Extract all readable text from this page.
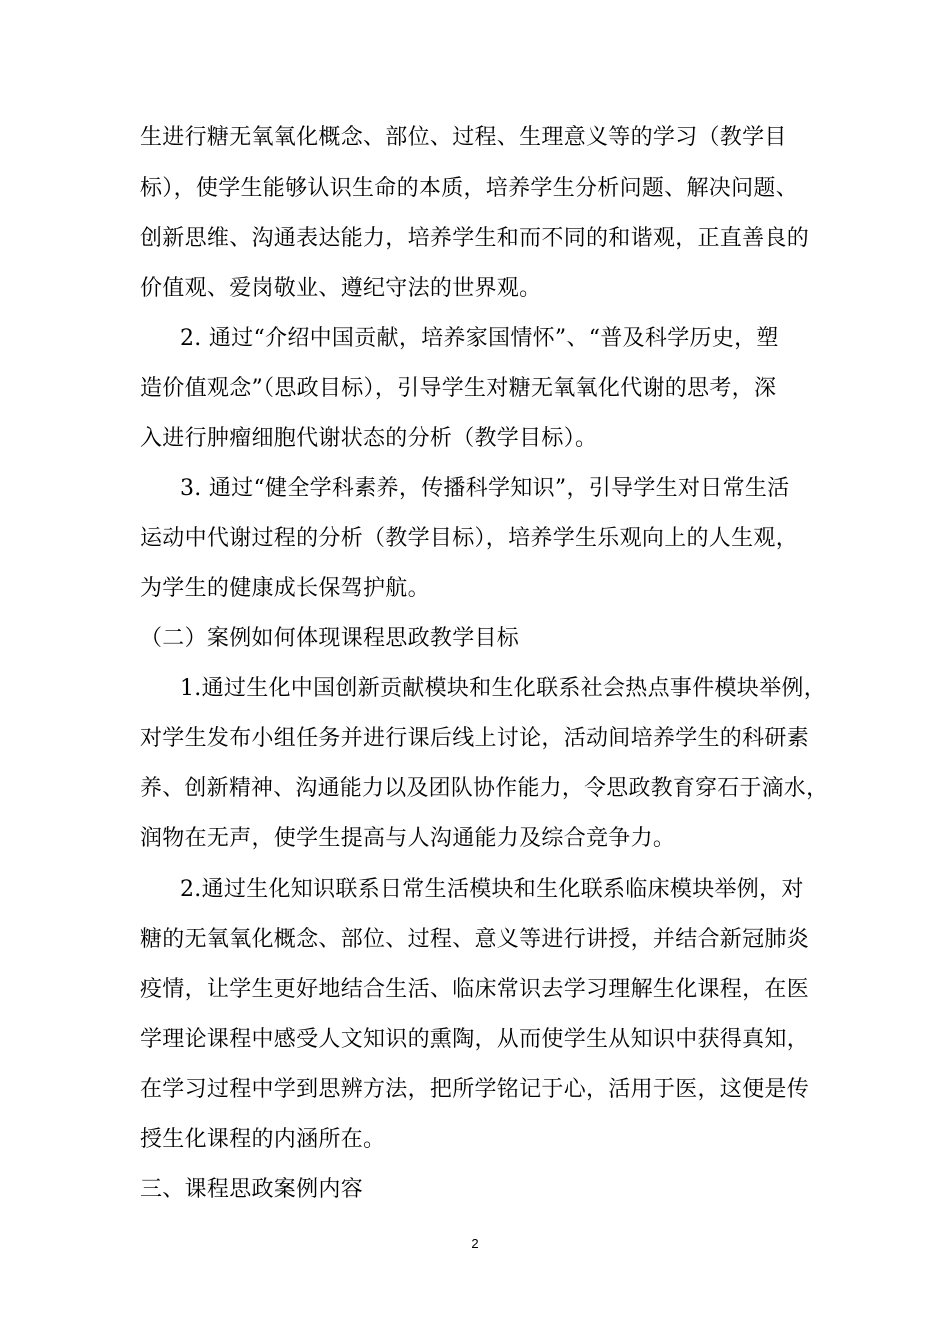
生进行糖无氧氧化概念、部位、过程、生理意义等的学习（教学目
标），使学生能够认识生命的本质，培养学生分析问题、解决问题、
创新思维、沟通表达能力，培养学生和而不同的和谐观，正直善良的
价值观、爱岗敬业、遵纪守法的世界观。
2. 通过“介绍中国贡献，培养家国情怀”、“普及科学历史，塑
造价值观念”（思政目标），引导学生对糖无氧氧化代谢的思考，深
入进行肿瘤细胞代谢状态的分析（教学目标）。
3. 通过“健全学科素养，传播科学知识”，引导学生对日常生活
运动中代谢过程的分析（教学目标），培养学生乐观向上的人生观，
为学生的健康成长保驾护航。
（二）案例如何体现课程思政教学目标
1.通过生化中国创新贡献模块和生化联系社会热点事件模块举例，
对学生发布小组任务并进行课后线上讨论，活动间培养学生的科研素
养、创新精神、沟通能力以及团队协作能力，令思政教育穿石于滴水，
润物在无声，使学生提高与人沟通能力及综合竞争力。
2.通过生化知识联系日常生活模块和生化联系临床模块举例，对
糖的无氧氧化概念、部位、过程、意义等进行讲授，并结合新冠肺炎
疫情，让学生更好地结合生活、临床常识去学习理解生化课程，在医
学理论课程中感受人文知识的熏陶，从而使学生从知识中获得真知，
在学习过程中学到思辨方法，把所学铭记于心，活用于医，这便是传
授生化课程的内涵所在。
三、课程思政案例内容
2
